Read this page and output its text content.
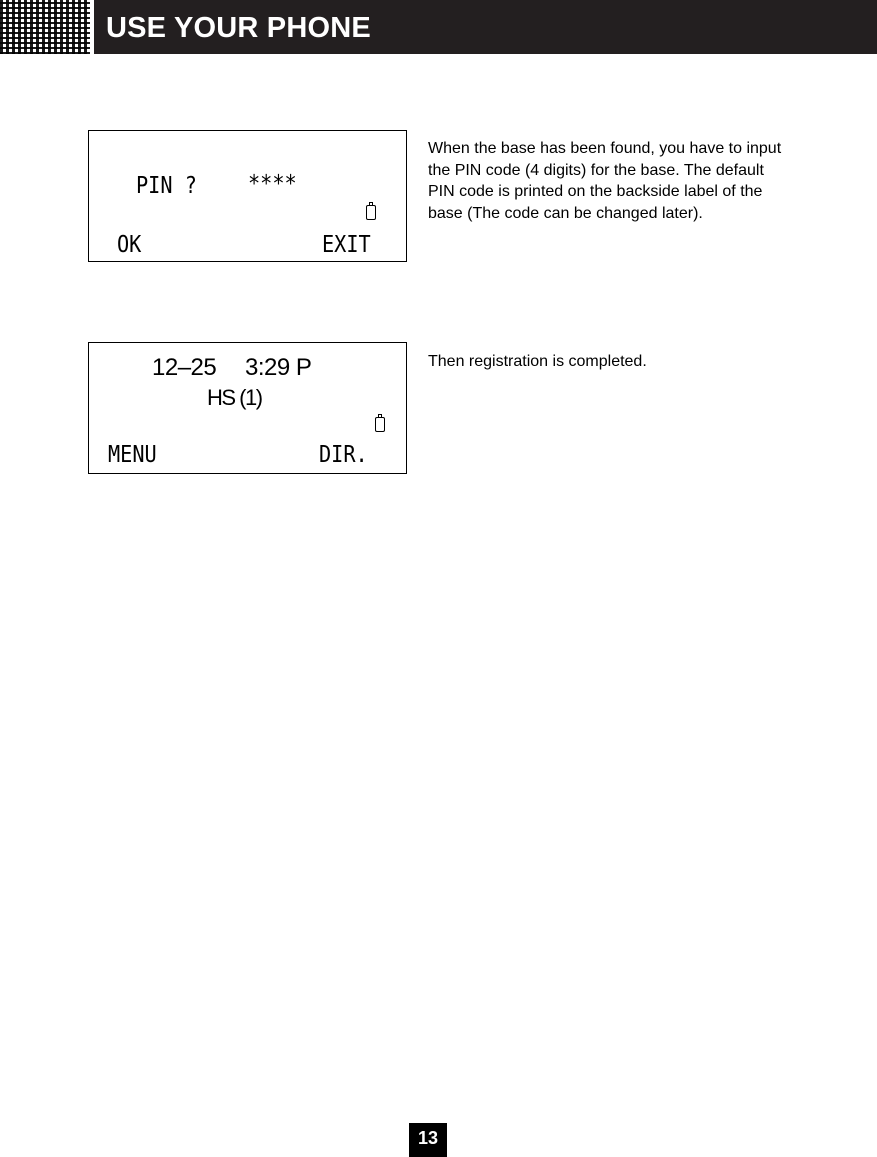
USE YOUR PHONE
PIN ? ****
OK	EXIT

When the base has been found, you have to input the PIN code (4 digits) for the base. The default PIN code is printed on the backside label of the base (The code can be changed later).

12–25 3:29 P
HS (1)
MENU	DIR.

Then registration is completed.

13
